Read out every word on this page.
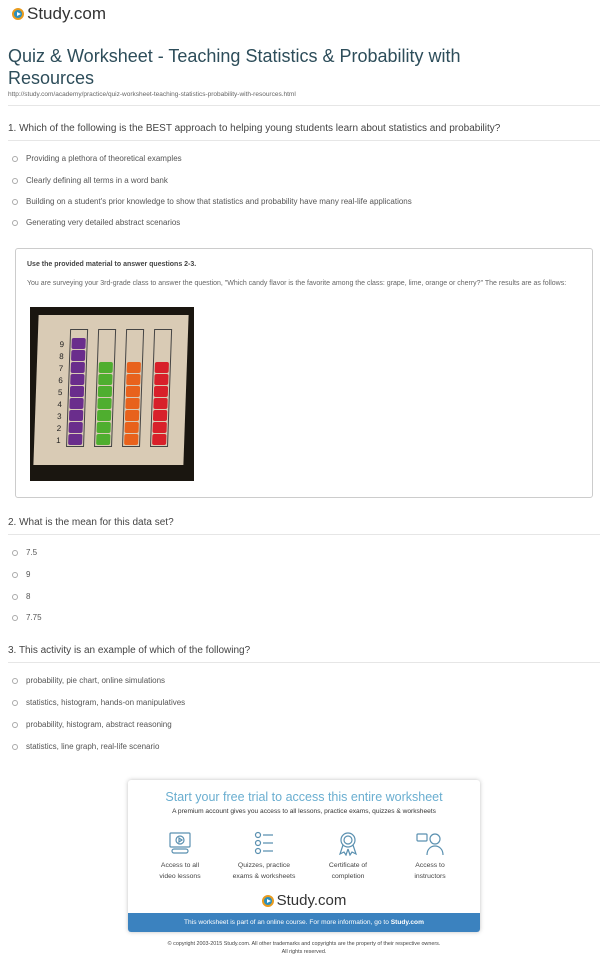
Study.com
Quiz & Worksheet - Teaching Statistics & Probability with Resources
http://study.com/academy/practice/quiz-worksheet-teaching-statistics-probability-with-resources.html
1. Which of the following is the BEST approach to helping young students learn about statistics and probability?
Providing a plethora of theoretical examples
Clearly defining all terms in a word bank
Building on a student's prior knowledge to show that statistics and probability have many real-life applications
Generating very detailed abstract scenarios
Use the provided material to answer questions 2-3.
You are surveying your 3rd-grade class to answer the question, "Which candy flavor is the favorite among the class: grape, lime, orange or cherry?" The results are as follows:
1
2
3
4
5
6
7
8
9
2. What is the mean for this data set?
7.5
9
8
7.75
3. This activity is an example of which of the following?
probability, pie chart, online simulations
statistics, histogram, hands-on manipulatives
probability, histogram, abstract reasoning
statistics, line graph, real-life scenario
Start your free trial to access this entire worksheet
A premium account gives you access to all lessons, practice exams, quizzes & worksheets
Access to all
video lessons
Quizzes, practice
exams & worksheets
Certificate of
completion
Access to
instructors
Study.com
This worksheet is part of an online course. For more information, go to Study.com
© copyright 2003-2015 Study.com. All other trademarks and copyrights are the property of their respective owners.
All rights reserved.
